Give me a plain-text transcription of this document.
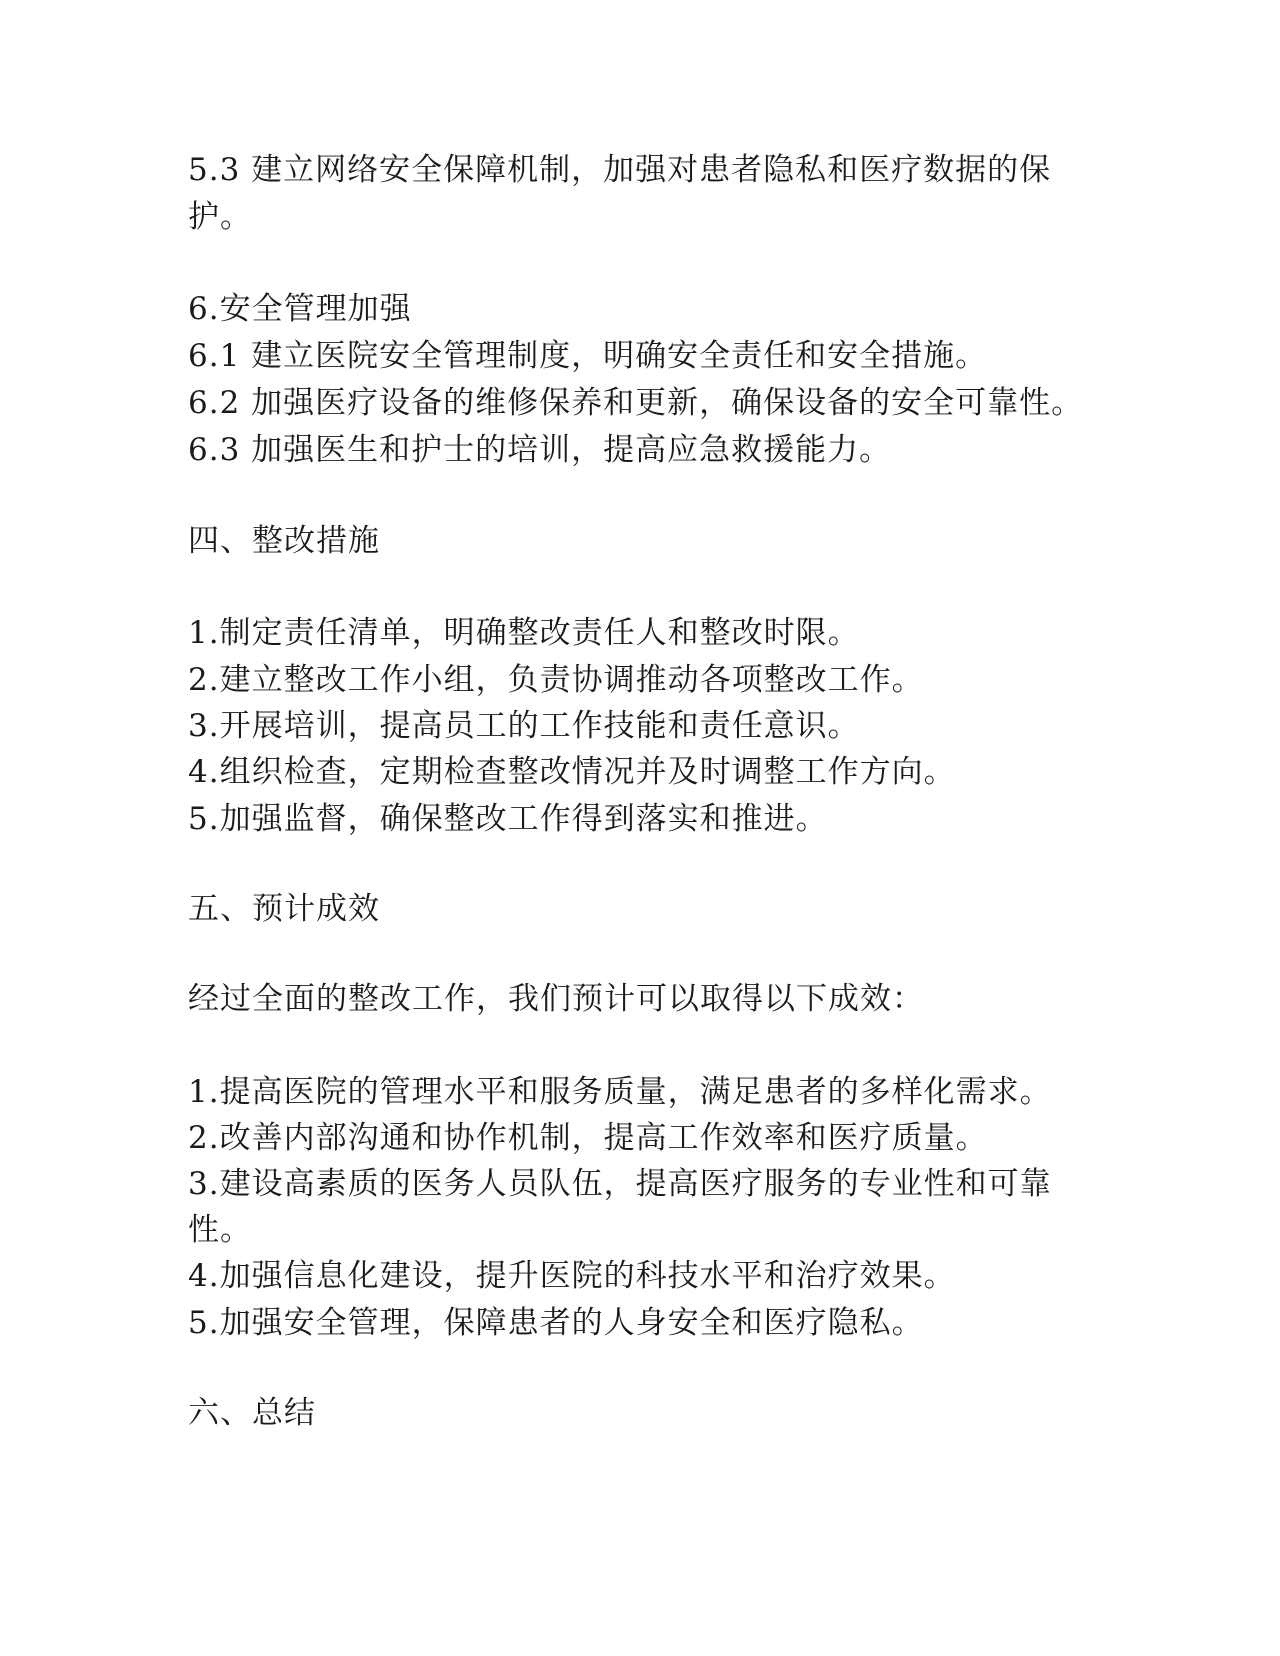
5.3 建立网络安全保障机制，加强对患者隐私和医疗数据的保
护。
6.安全管理加强
6.1 建立医院安全管理制度，明确安全责任和安全措施。
6.2 加强医疗设备的维修保养和更新，确保设备的安全可靠性。
6.3 加强医生和护士的培训，提高应急救援能力。
四、整改措施
1.制定责任清单，明确整改责任人和整改时限。
2.建立整改工作小组，负责协调推动各项整改工作。
3.开展培训，提高员工的工作技能和责任意识。
4.组织检查，定期检查整改情况并及时调整工作方向。
5.加强监督，确保整改工作得到落实和推进。
五、预计成效
经过全面的整改工作，我们预计可以取得以下成效：
1.提高医院的管理水平和服务质量，满足患者的多样化需求。
2.改善内部沟通和协作机制，提高工作效率和医疗质量。
3.建设高素质的医务人员队伍，提高医疗服务的专业性和可靠
性。
4.加强信息化建设，提升医院的科技水平和治疗效果。
5.加强安全管理，保障患者的人身安全和医疗隐私。
六、总结
